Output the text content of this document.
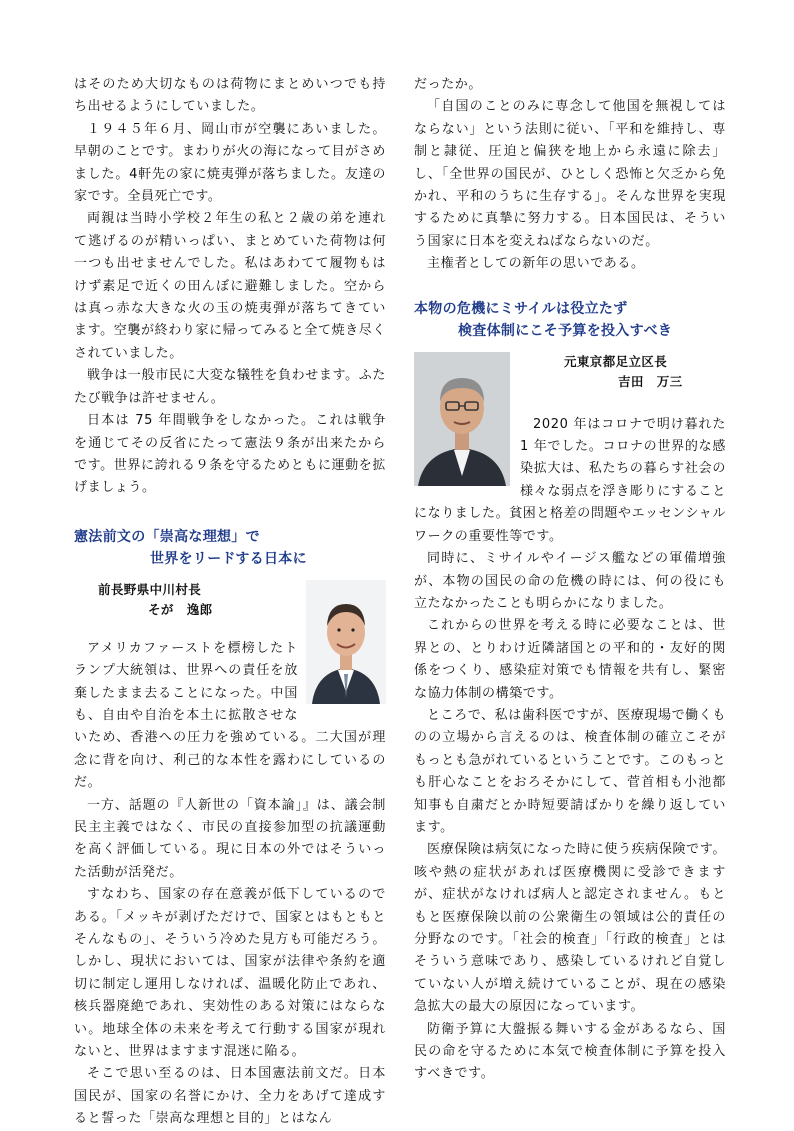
はそのため大切なものは荷物にまとめいつでも持ち出せるようにしていました。

１９４５年６月、岡山市が空襲にあいました。早朝のことです。まわりが火の海になって目がさめました。4軒先の家に焼夷弾が落ちました。友達の家です。全員死亡です。

両親は当時小学校２年生の私と２歳の弟を連れて逃げるのが精いっぱい、まとめていた荷物は何一つも出せませんでした。私はあわてて履物もはけず素足で近くの田んぼに避難しました。空からは真っ赤な大きな火の玉の焼夷弾が落ちてきています。空襲が終わり家に帰ってみると全て焼き尽くされていました。

戦争は一般市民に大変な犠牲を負わせます。ふたたび戦争は許せません。

日本は 75 年間戦争をしなかった。これは戦争を通じてその反省にたって憲法９条が出来たからです。世界に誇れる９条を守るためともに運動を拡げましょう。

憲法前文の「崇高な理想」で
世界をリードする日本に
前長野県中川村長
そが　逸郎

アメリカファーストを標榜したトランプ大統領は、世界への責任を放棄したまま去ることになった。中国も、自由や自治を本土に拡散させないため、香港への圧力を強めている。二大国が理念に背を向け、利己的な本性を露わにしているのだ。

一方、話題の『人新世の「資本論」』は、議会制民主主義ではなく、市民の直接参加型の抗議運動を高く評価している。現に日本の外ではそういった活動が活発だ。

すなわち、国家の存在意義が低下しているのである。「メッキが剥げただけで、国家とはもともとそんなもの」、そういう冷めた見方も可能だろう。しかし、現状においては、国家が法律や条約を適切に制定し運用しなければ、温暖化防止であれ、核兵器廃絶であれ、実効性のある対策にはならない。地球全体の未来を考えて行動する国家が現れないと、世界はますます混迷に陥る。

そこで思い至るのは、日本国憲法前文だ。日本国民が、国家の名誉にかけ、全力をあげて達成すると誓った「崇高な理想と目的」とはなん

だったか。

「自国のことのみに専念して他国を無視してはならない」という法則に従い、「平和を維持し、専制と隷従、圧迫と偏狭を地上から永遠に除去」し、「全世界の国民が、ひとしく恐怖と欠乏から免かれ、平和のうちに生存する」。そんな世界を実現するために真摯に努力する。日本国民は、そういう国家に日本を変えねばならないのだ。

主権者としての新年の思いである。

本物の危機にミサイルは役立たず
検査体制にこそ予算を投入すべき
元東京都足立区長
吉田　万三

2020 年はコロナで明け暮れた 1 年でした。コロナの世界的な感染拡大は、私たちの暮らす社会の様々な弱点を浮き彫りにすることになりました。貧困と格差の問題やエッセンシャルワークの重要性等です。

同時に、ミサイルやイージス艦などの軍備増強が、本物の国民の命の危機の時には、何の役にも立たなかったことも明らかになりました。

これからの世界を考える時に必要なことは、世界との、とりわけ近隣諸国との平和的・友好的関係をつくり、感染症対策でも情報を共有し、緊密な協力体制の構築です。

ところで、私は歯科医ですが、医療現場で働くものの立場から言えるのは、検査体制の確立こそがもっとも急がれているということです。このもっとも肝心なことをおろそかにして、菅首相も小池都知事も自粛だとか時短要請ばかりを繰り返しています。

医療保険は病気になった時に使う疾病保険です。咳や熱の症状があれば医療機関に受診できますが、症状がなければ病人と認定されません。もともと医療保険以前の公衆衛生の領域は公的責任の分野なのです。「社会的検査」「行政的検査」とはそういう意味であり、感染しているけれど自覚していない人が増え続けていることが、現在の感染急拡大の最大の原因になっています。

防衛予算に大盤振る舞いする金があるなら、国民の命を守るために本気で検査体制に予算を投入すべきです。
